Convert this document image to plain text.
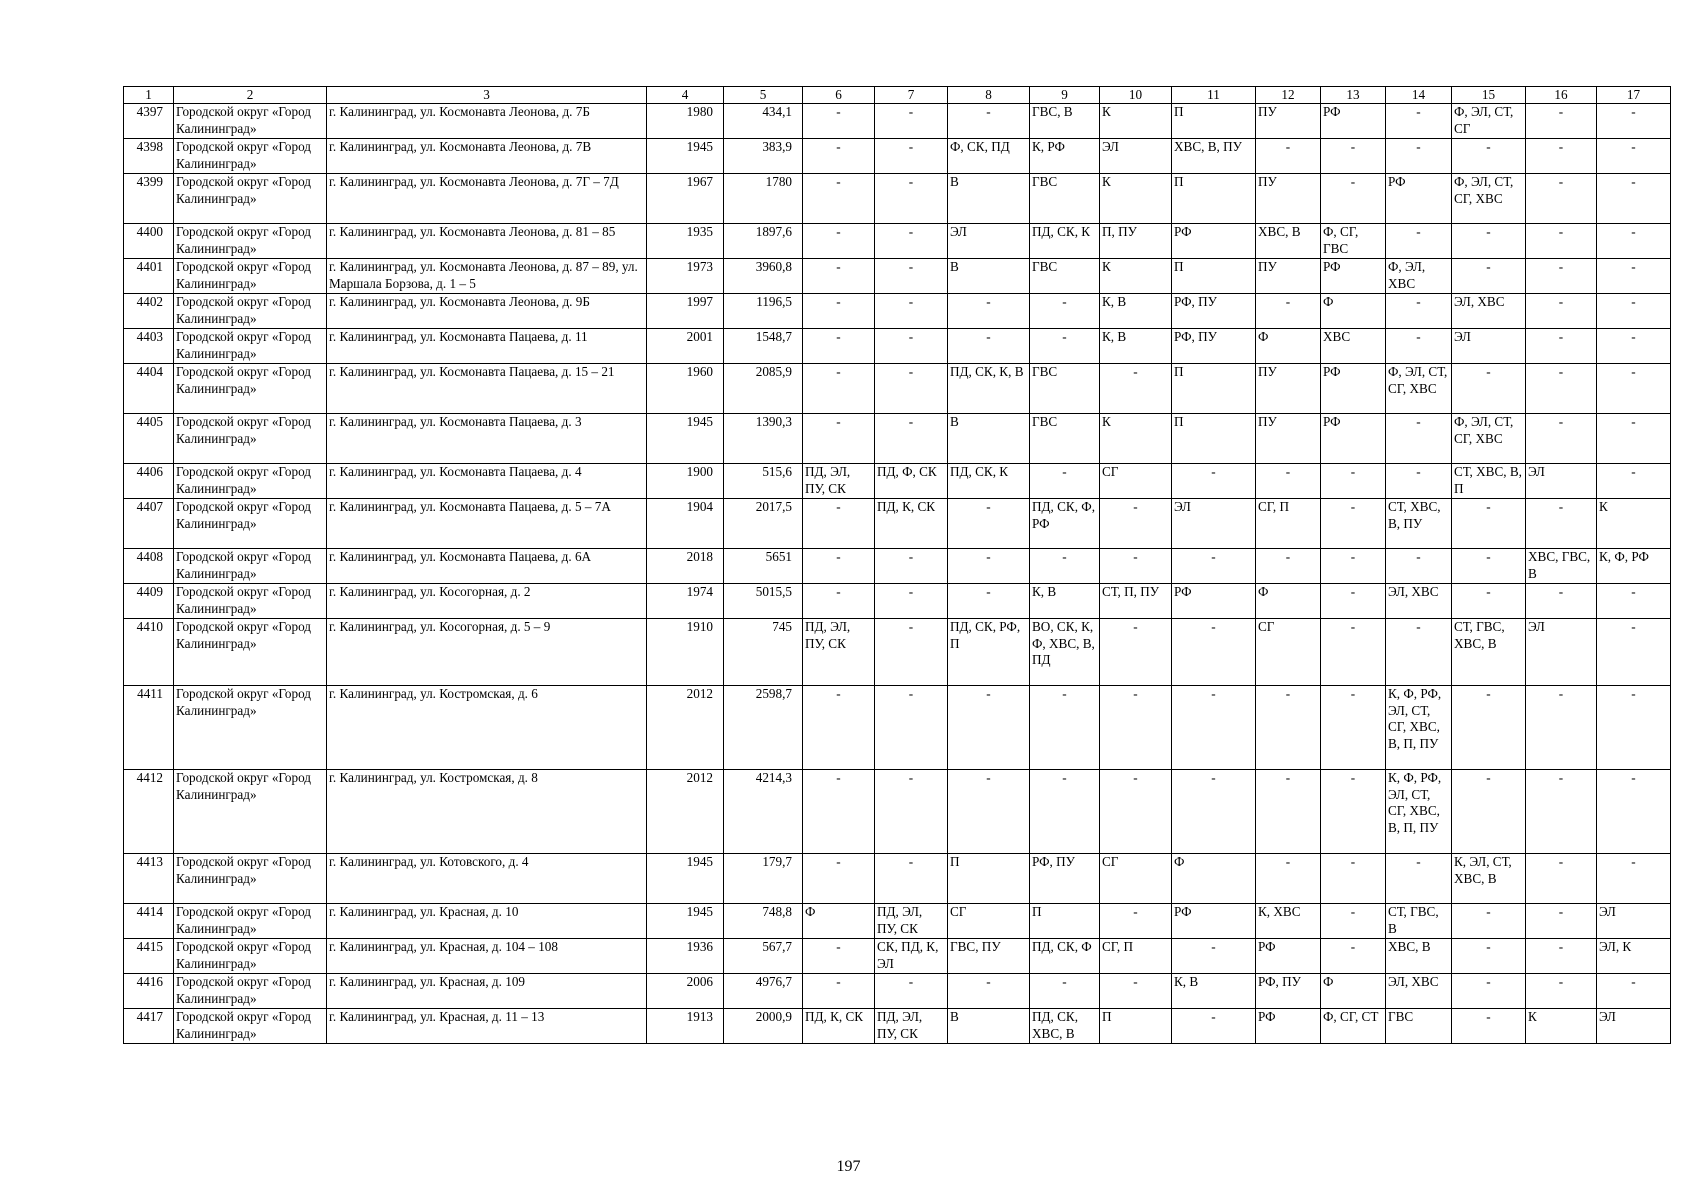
1	2	3	4	5	6	7	8	9	10	11	12	13	14	15	16	17
4397	Городской округ «Город Калининград»	г. Калининград, ул. Космонавта Леонова, д. 7Б	1980	434,1	-	-	-	ГВС, В	К	П	ПУ	РФ	-	Ф, ЭЛ, СТ, СГ	-	-
4398	Городской округ «Город Калининград»	г. Калининград, ул. Космонавта Леонова, д. 7В	1945	383,9	-	-	Ф, СК, ПД	К, РФ	ЭЛ	ХВС, В, ПУ	-	-	-	-	-	-
4399	Городской округ «Город Калининград»	г. Калининград, ул. Космонавта Леонова, д. 7Г – 7Д	1967	1780	-	-	В	ГВС	К	П	ПУ	-	РФ	Ф, ЭЛ, СТ, СГ, ХВС	-	-
4400	Городской округ «Город Калининград»	г. Калининград, ул. Космонавта Леонова, д. 81 – 85	1935	1897,6	-	-	ЭЛ	ПД, СК, К	П, ПУ	РФ	ХВС, В	Ф, СГ, ГВС	-	-	-	-
4401	Городской округ «Город Калининград»	г. Калининград, ул. Космонавта Леонова, д. 87 – 89, ул. Маршала Борзова, д. 1 – 5	1973	3960,8	-	-	В	ГВС	К	П	ПУ	РФ	Ф, ЭЛ, ХВС	-	-	-
4402	Городской округ «Город Калининград»	г. Калининград, ул. Космонавта Леонова, д. 9Б	1997	1196,5	-	-	-	-	К, В	РФ, ПУ	-	Ф	-	ЭЛ, ХВС	-	-
4403	Городской округ «Город Калининград»	г. Калининград, ул. Космонавта Пацаева, д. 11	2001	1548,7	-	-	-	-	К, В	РФ, ПУ	Ф	ХВС	-	ЭЛ	-	-
4404	Городской округ «Город Калининград»	г. Калининград, ул. Космонавта Пацаева, д. 15 – 21	1960	2085,9	-	-	ПД, СК, К, В	ГВС	-	П	ПУ	РФ	Ф, ЭЛ, СТ, СГ, ХВС	-	-	-
4405	Городской округ «Город Калининград»	г. Калининград, ул. Космонавта Пацаева, д. 3	1945	1390,3	-	-	В	ГВС	К	П	ПУ	РФ	-	Ф, ЭЛ, СТ, СГ, ХВС	-	-
4406	Городской округ «Город Калининград»	г. Калининград, ул. Космонавта Пацаева, д. 4	1900	515,6	ПД, ЭЛ, ПУ, СК	ПД, Ф, СК	ПД, СК, К	-	СГ	-	-	-	-	СТ, ХВС, В, П	ЭЛ	-
4407	Городской округ «Город Калининград»	г. Калининград, ул. Космонавта Пацаева, д. 5 – 7А	1904	2017,5	-	ПД, К, СК	-	ПД, СК, Ф, РФ	-	ЭЛ	СГ, П	-	СТ, ХВС, В, ПУ	-	-	К
4408	Городской округ «Город Калининград»	г. Калининград, ул. Космонавта Пацаева, д. 6А	2018	5651	-	-	-	-	-	-	-	-	-	-	ХВС, ГВС, В	К, Ф, РФ
4409	Городской округ «Город Калининград»	г. Калининград, ул. Косогорная, д. 2	1974	5015,5	-	-	-	К, В	СТ, П, ПУ	РФ	Ф	-	ЭЛ, ХВС	-	-	-
4410	Городской округ «Город Калининград»	г. Калининград, ул. Косогорная, д. 5 – 9	1910	745	ПД, ЭЛ, ПУ, СК	-	ПД, СК, РФ, П	ВО, СК, К, Ф, ХВС, В, ПД	-	-	СГ	-	-	СТ, ГВС, ХВС, В	ЭЛ	-
4411	Городской округ «Город Калининград»	г. Калининград, ул. Костромская, д. 6	2012	2598,7	-	-	-	-	-	-	-	-	К, Ф, РФ, ЭЛ, СТ, СГ, ХВС, В, П, ПУ	-	-	-
4412	Городской округ «Город Калининград»	г. Калининград, ул. Костромская, д. 8	2012	4214,3	-	-	-	-	-	-	-	-	К, Ф, РФ, ЭЛ, СТ, СГ, ХВС, В, П, ПУ	-	-	-
4413	Городской округ «Город Калининград»	г. Калининград, ул. Котовского, д. 4	1945	179,7	-	-	П	РФ, ПУ	СГ	Ф	-	-	-	К, ЭЛ, СТ, ХВС, В	-	-
4414	Городской округ «Город Калининград»	г. Калининград, ул. Красная, д. 10	1945	748,8	Ф	ПД, ЭЛ, ПУ, СК	СГ	П	-	РФ	К, ХВС	-	СТ, ГВС, В	-	-	ЭЛ
4415	Городской округ «Город Калининград»	г. Калининград, ул. Красная, д. 104 – 108	1936	567,7	-	СК, ПД, К, ЭЛ	ГВС, ПУ	ПД, СК, Ф	СГ, П	-	РФ	-	ХВС, В	-	-	ЭЛ, К
4416	Городской округ «Город Калининград»	г. Калининград, ул. Красная, д. 109	2006	4976,7	-	-	-	-	-	К, В	РФ, ПУ	Ф	ЭЛ, ХВС	-	-	-
4417	Городской округ «Город Калининград»	г. Калининград, ул. Красная, д. 11 – 13	1913	2000,9	ПД, К, СК	ПД, ЭЛ, ПУ, СК	В	ПД, СК, ХВС, В	П	-	РФ	Ф, СГ, СТ	ГВС	-	К	ЭЛ
197
